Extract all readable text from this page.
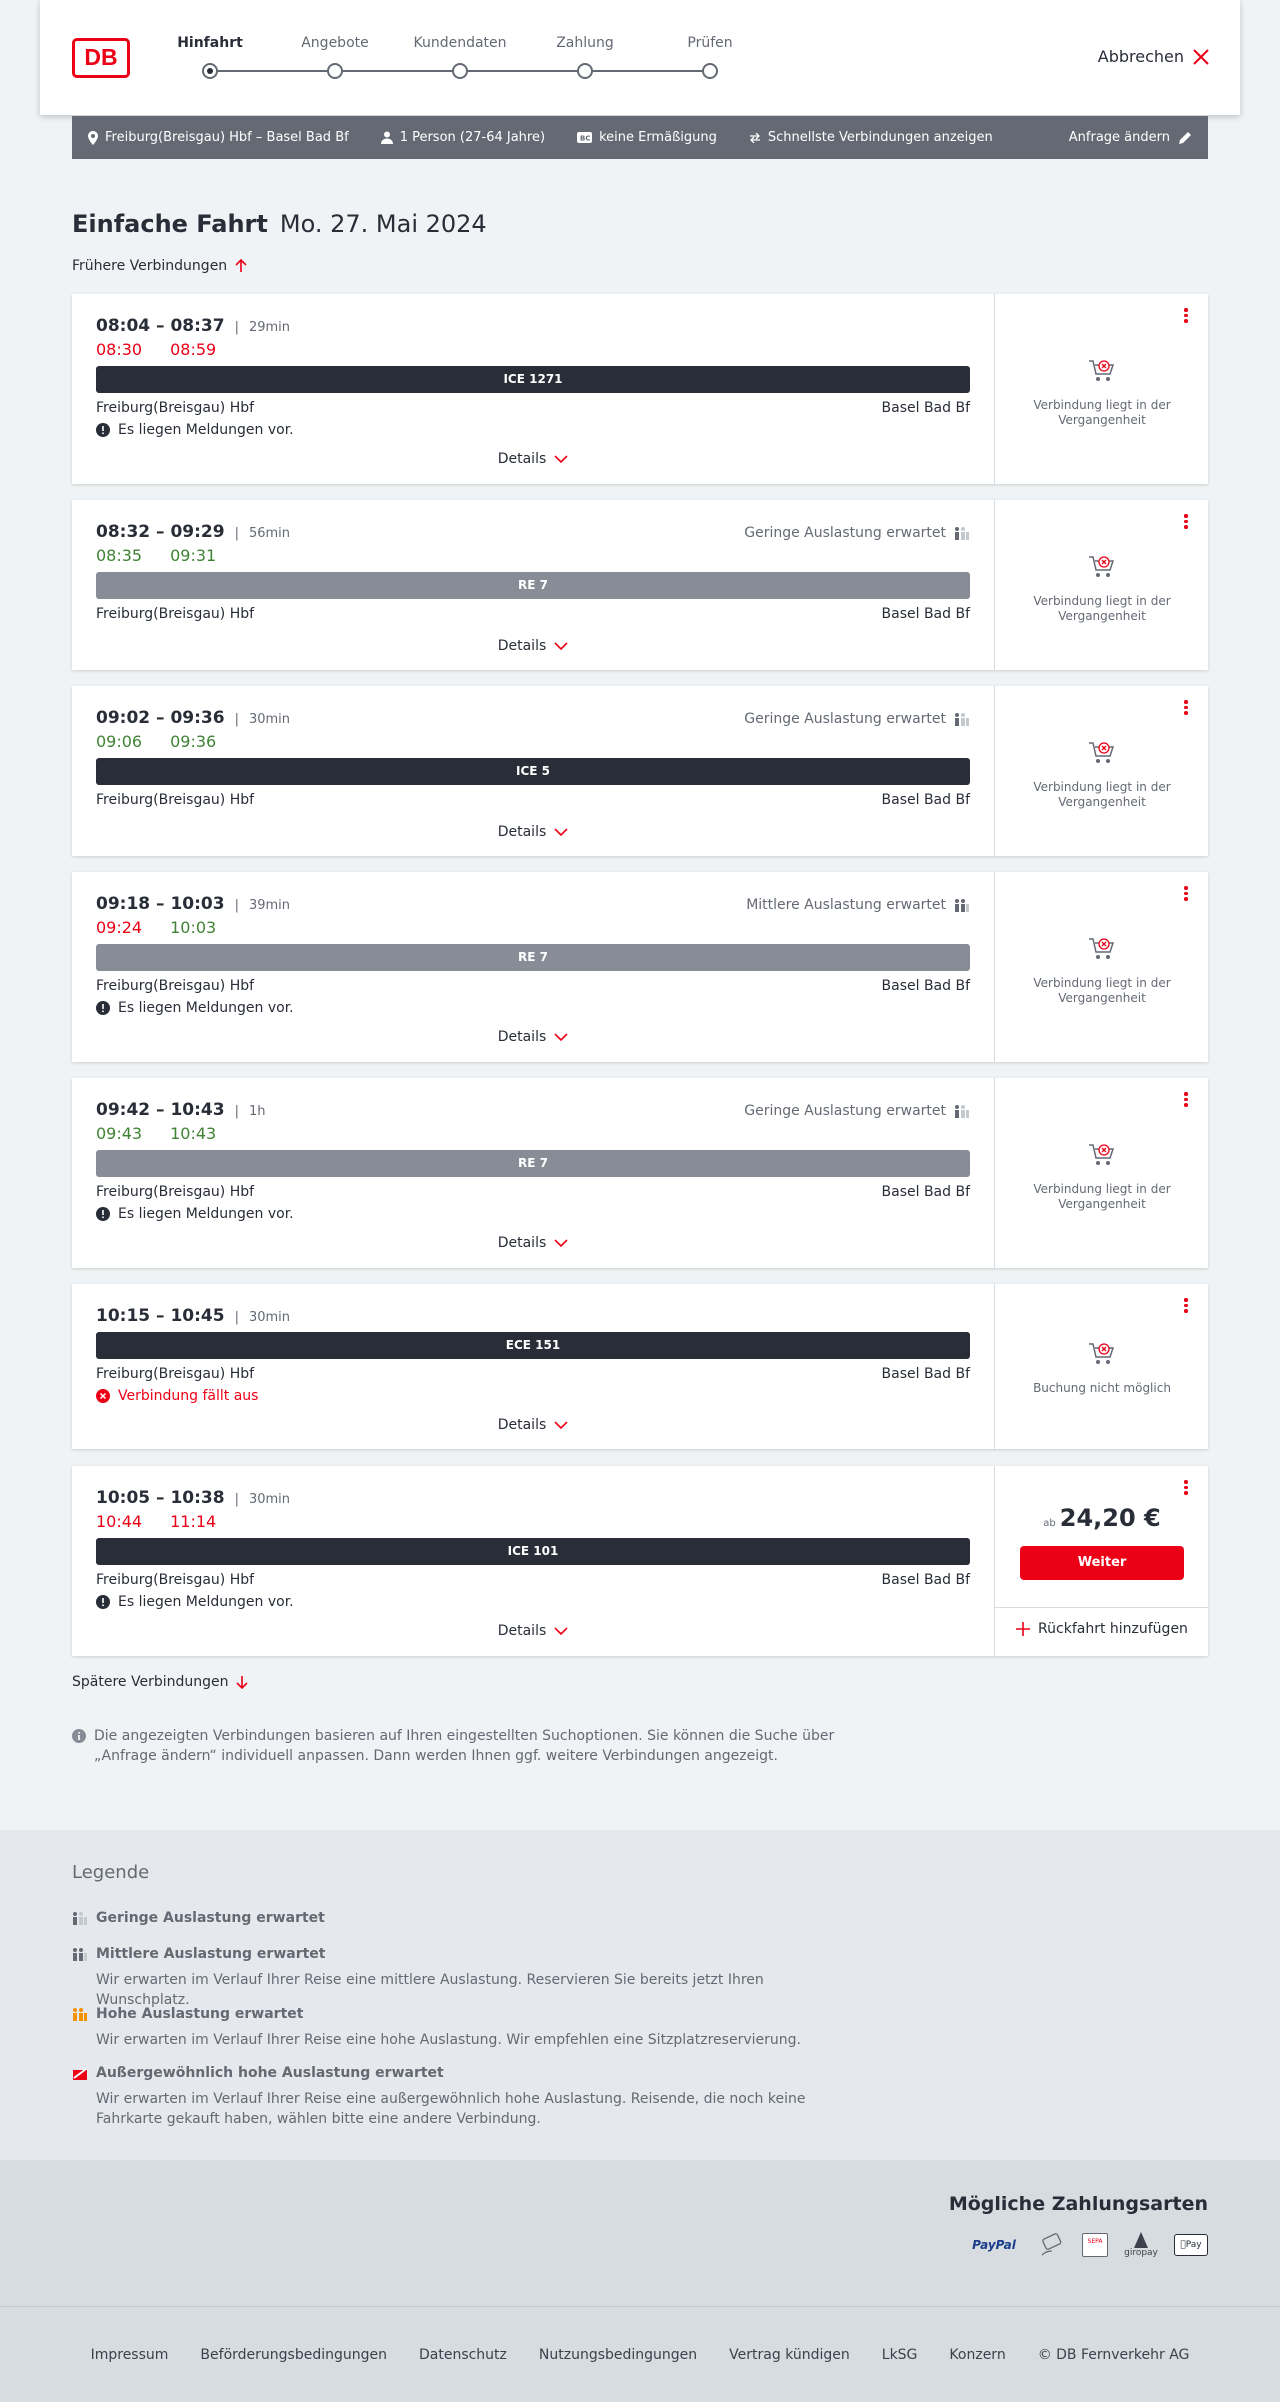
DB
Hinfahrt	Angebote	Kundendaten	Zahlung	Prüfen
Abbrechen
Freiburg(Breisgau) Hbf – Basel Bad Bf	1 Person (27-64 Jahre)	BC keine Ermäßigung	Schnellste Verbindungen anzeigen	Anfrage ändern
Einfache Fahrt Mo. 27. Mai 2024
Frühere Verbindungen
08:04 – 08:37	| 29min
08:30 08:59
ICE 1271
Freiburg(Breisgau) Hbf	Basel Bad Bf
Es liegen Meldungen vor.
Details
Verbindung liegt in der Vergangenheit
08:32 – 09:29	| 56min	Geringe Auslastung erwartet
08:35 09:31
RE 7
Freiburg(Breisgau) Hbf	Basel Bad Bf
Details
Verbindung liegt in der Vergangenheit
09:02 – 09:36	| 30min	Geringe Auslastung erwartet
09:06 09:36
ICE 5
Freiburg(Breisgau) Hbf	Basel Bad Bf
Details
Verbindung liegt in der Vergangenheit
09:18 – 10:03	| 39min	Mittlere Auslastung erwartet
09:24 10:03
RE 7
Freiburg(Breisgau) Hbf	Basel Bad Bf
Es liegen Meldungen vor.
Details
Verbindung liegt in der Vergangenheit
09:42 – 10:43	| 1h	Geringe Auslastung erwartet
09:43 10:43
RE 7
Freiburg(Breisgau) Hbf	Basel Bad Bf
Es liegen Meldungen vor.
Details
Verbindung liegt in der Vergangenheit
10:15 – 10:45	| 30min
ECE 151
Freiburg(Breisgau) Hbf	Basel Bad Bf
Verbindung fällt aus
Details
Buchung nicht möglich
10:05 – 10:38	| 30min
10:44 11:14
ICE 101
Freiburg(Breisgau) Hbf	Basel Bad Bf
Es liegen Meldungen vor.
Details
ab 24,20 €
Weiter
Rückfahrt hinzufügen
Spätere Verbindungen
Die angezeigten Verbindungen basieren auf Ihren eingestellten Suchoptionen. Sie können die Suche über „Anfrage ändern“ individuell anpassen. Dann werden Ihnen ggf. weitere Verbindungen angezeigt.
Legende
Geringe Auslastung erwartet
Mittlere Auslastung erwartet

Wir erwarten im Verlauf Ihrer Reise eine mittlere Auslastung. Reservieren Sie bereits jetzt Ihren Wunschplatz.

Hohe Auslastung erwartet

Wir erwarten im Verlauf Ihrer Reise eine hohe Auslastung. Wir empfehlen eine Sitzplatzreservierung.

Außergewöhnlich hohe Auslastung erwartet

Wir erwarten im Verlauf Ihrer Reise eine außergewöhnlich hohe Auslastung. Reisende, die noch keine Fahrkarte gekauft haben, wählen bitte eine andere Verbindung.

Mögliche Zahlungsarten
PayPal	SEPA
giropay
Pay
Impressum Beförderungsbedingungen Datenschutz Nutzungsbedingungen Vertrag kündigen LkSG Konzern © DB Fernverkehr AG
